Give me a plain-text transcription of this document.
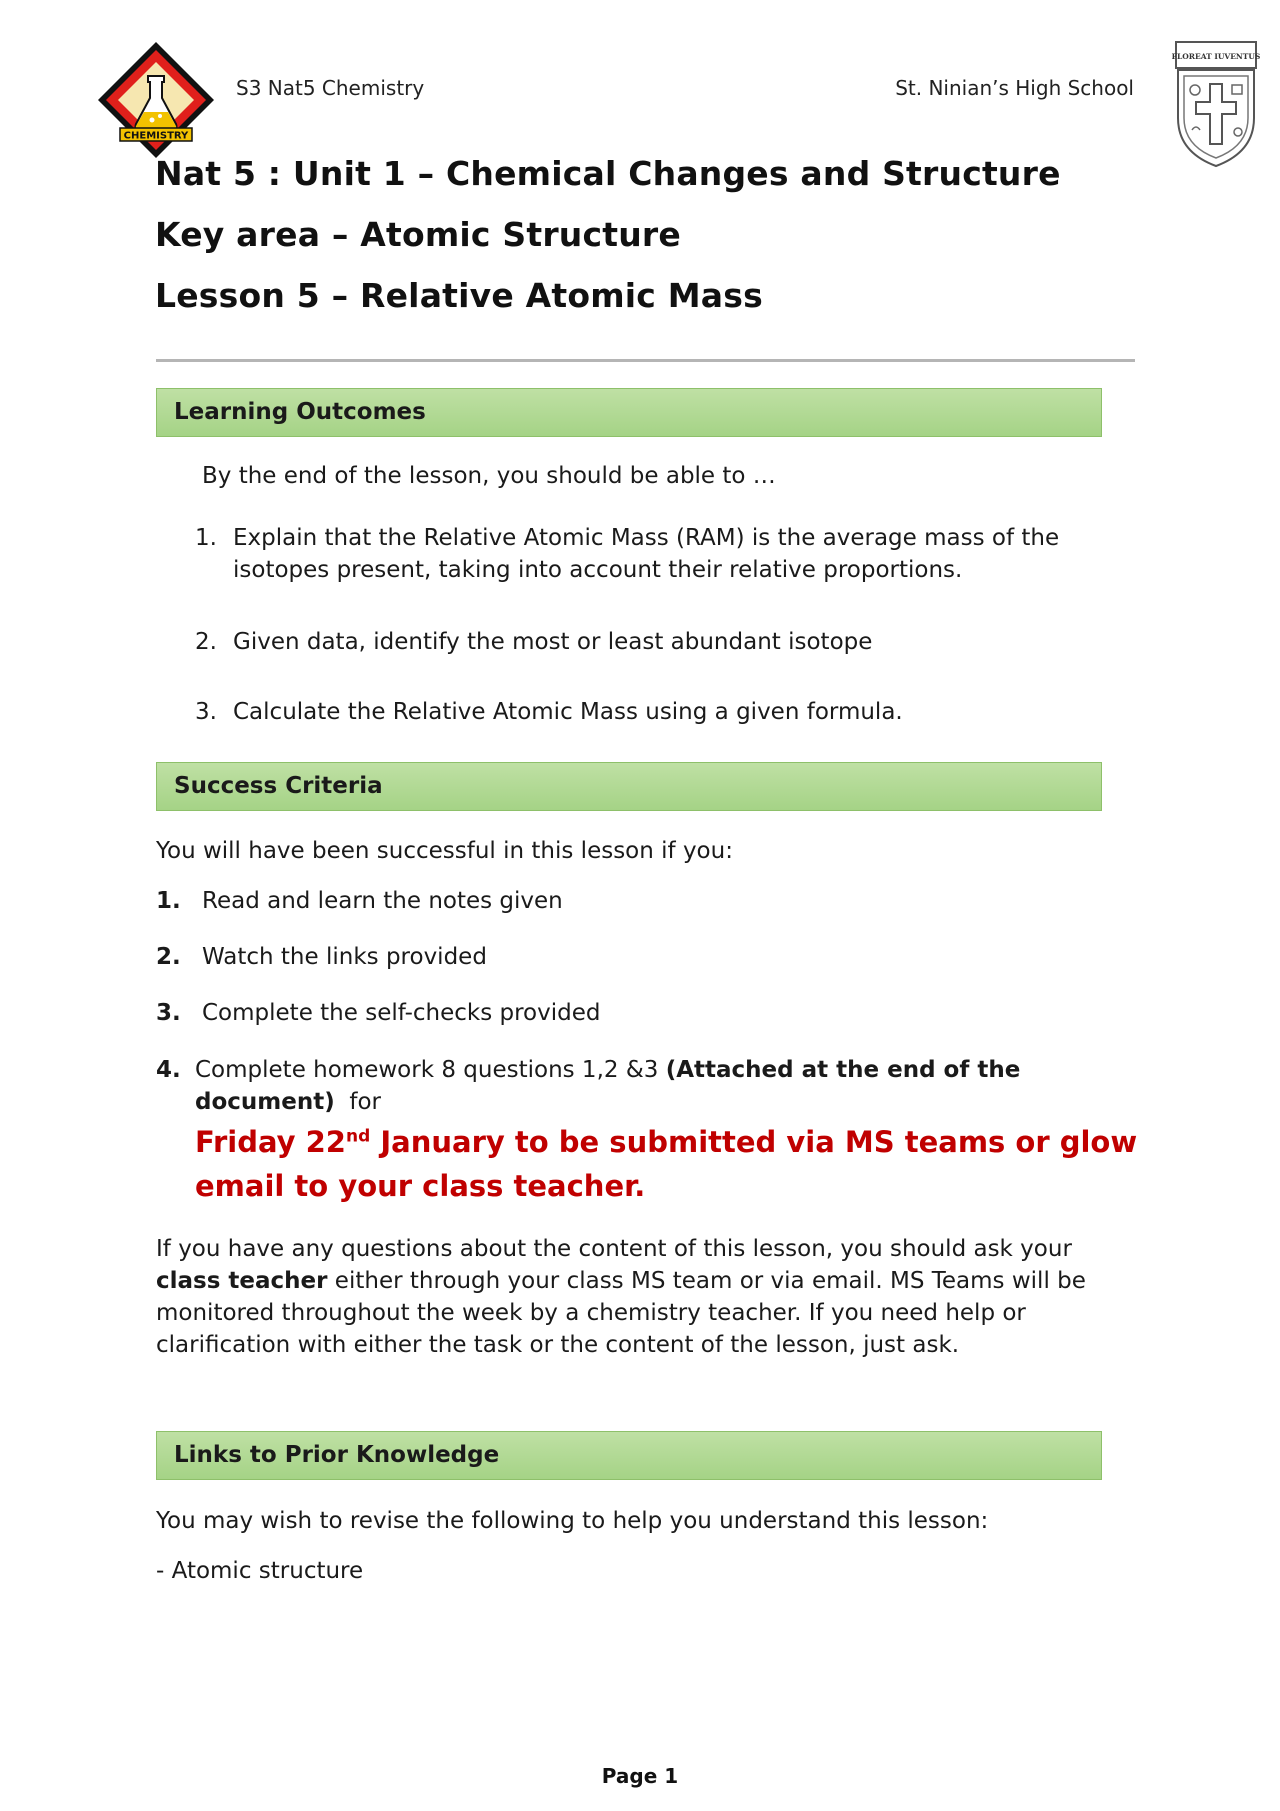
CHEMISTRY
S3 Nat5 Chemistry	St. Ninian’s High School
FLOREAT IUVENTUS
Nat 5 : Unit 1 – Chemical Changes and Structure
Key area – Atomic Structure
Lesson 5 – Relative Atomic Mass
Learning Outcomes
By the end of the lesson, you should be able to …
1. Explain that the Relative Atomic Mass (RAM) is the average mass of the isotopes present, taking into account their relative proportions.
2. Given data, identify the most or least abundant isotope
3. Calculate the Relative Atomic Mass using a given formula.
Success Criteria
You will have been successful in this lesson if you:
1. Read and learn the notes given
2. Watch the links provided
3. Complete the self-checks provided
4. Complete homework 8 questions 1,2 &3 (Attached at the end of the document)  for
Friday 22nd January to be submitted via MS teams or glow email to your class teacher.
If you have any questions about the content of this lesson, you should ask your class teacher either through your class MS team or via email. MS Teams will be monitored throughout the week by a chemistry teacher. If you need help or clarification with either the task or the content of the lesson, just ask.
Links to Prior Knowledge
You may wish to revise the following to help you understand this lesson:
- Atomic structure
Page 1
